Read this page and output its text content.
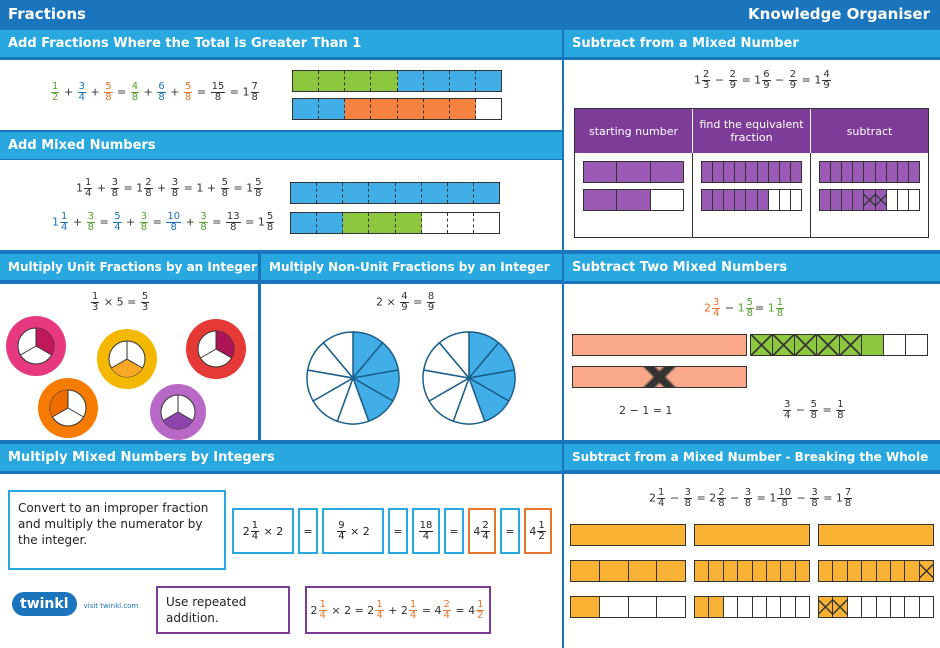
Fractions	Knowledge Organiser
Add Fractions Where the Total is Greater Than 1
$\frac{1}{2} + \frac{3}{4} + \frac{5}{8} = \frac{4}{8} + \frac{6}{8} + \frac{5}{8} = \frac{15}{8} = 1 \frac{7}{8}$
Add Mixed Numbers
$1 \frac{1}{4} + \frac{3}{8} = 1 \frac{2}{8} + \frac{3}{8} = 1 + \frac{5}{8} = 1 \frac{5}{8}$
$1 \frac{1}{4} + \frac{3}{8} = \frac{5}{4} + \frac{3}{8} = \frac{10}{8} + \frac{3}{8} = \frac{13}{8} = 1 \frac{5}{8}$
Subtract from a Mixed Number
$1 \frac{2}{3} - \frac{2}{9} = 1 \frac{6}{9} - \frac{2}{9} = 1 \frac{4}{9}$
starting number	find the equivalent fraction	subtract
Multiply Unit Fractions by an Integer
$\frac{1}{3} \times 5 = \frac{5}{3}$
Multiply Non-Unit Fractions by an Integer
$2 \times \frac{4}{9} = \frac{8}{9}$
Subtract Two Mixed Numbers
$2 \frac{3}{4} - 1 \frac{5}{8} = 1 \frac{1}{8}$
2 − 1 = 1	$\frac{3}{4} - \frac{5}{8} = \frac{1}{8}$
Multiply Mixed Numbers by Integers
Convert to an improper fraction and multiply the numerator by the integer.
$2 \frac{1}{4} \times 2$	=	$\frac{9}{4} \times 2$	=	$\frac{18}{4}$	=	$4 \frac{2}{4}$	=	$4 \frac{1}{2}$
twinkl visit twinkl.com	Use repeated addition.
$2 \frac{1}{4} \times 2 = 2 \frac{1}{4} + 2 \frac{1}{4} = 4 \frac{2}{4} = 4 \frac{1}{2}$
Subtract from a Mixed Number - Breaking the Whole
$2 \frac{1}{4} - \frac{3}{8} = 2 \frac{2}{8} - \frac{3}{8} = 1 \frac{10}{8} - \frac{3}{8} = 1 \frac{7}{8}$
